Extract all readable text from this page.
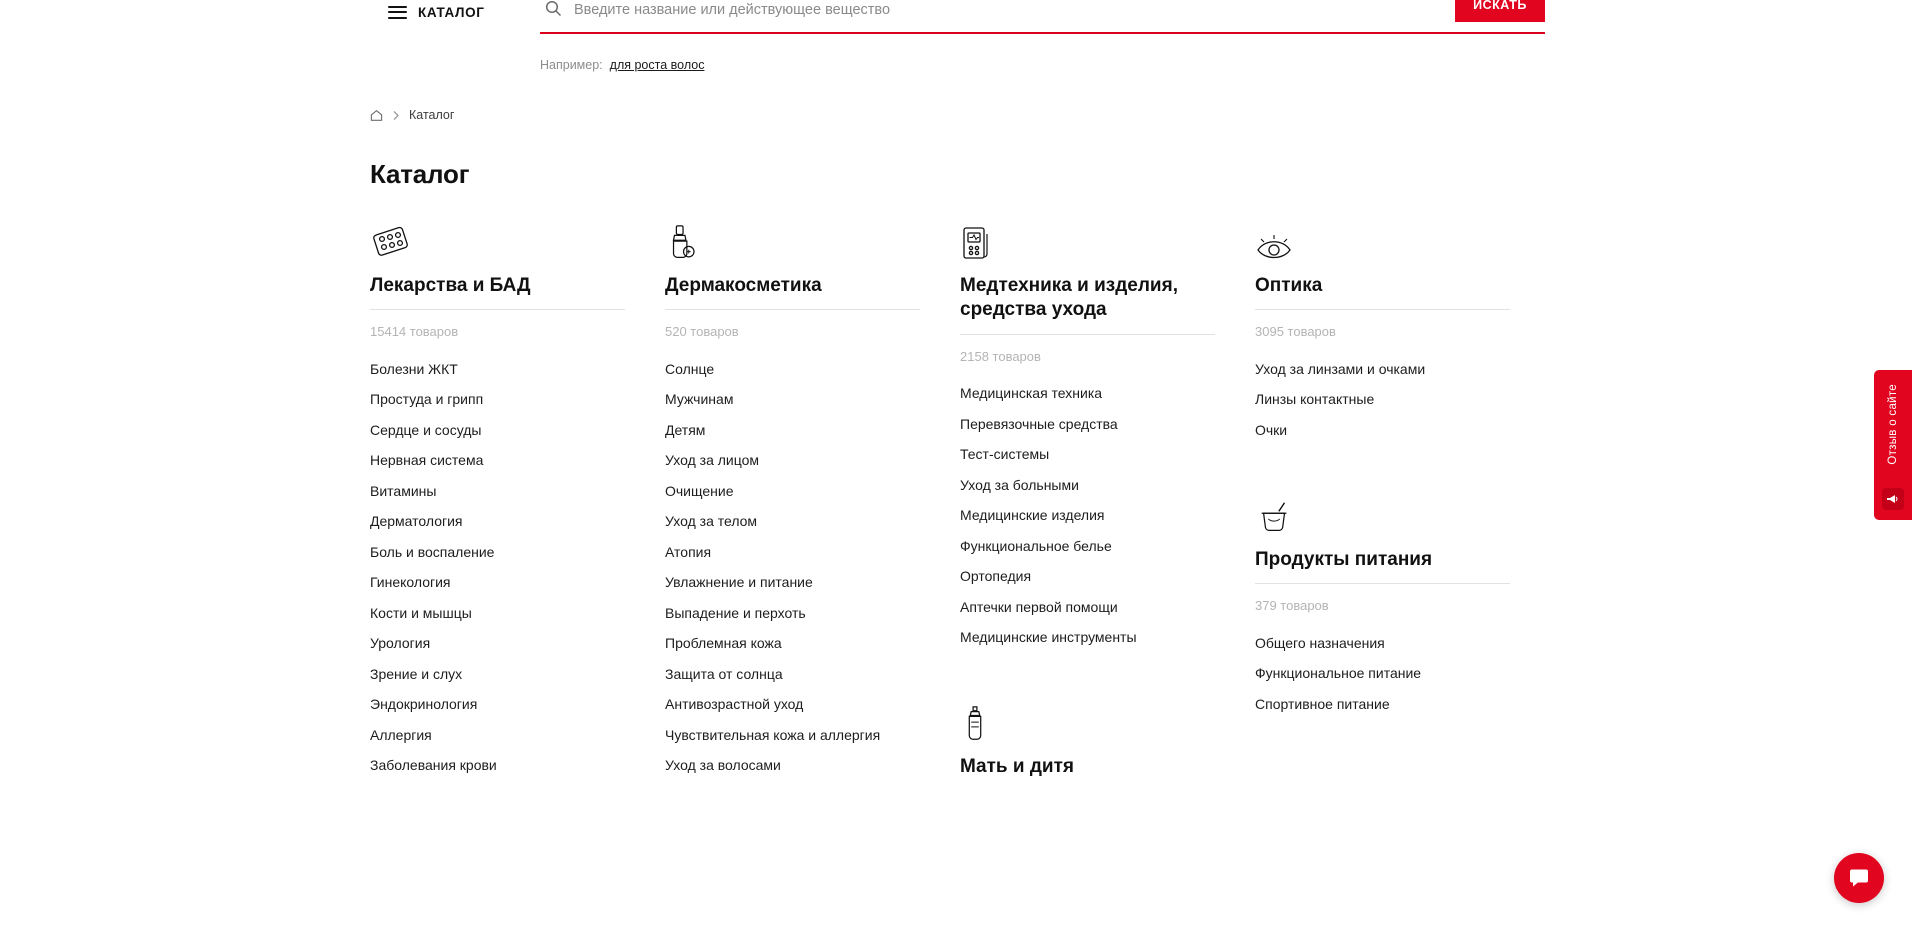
КАТАЛОГ
Введите название или действующее вещество	ИСКАТЬ
Например: для роста волос
Каталог
Каталог
Лекарства и БАД
15414 товаров
Болезни ЖКТ
Простуда и грипп
Сердце и сосуды
Нервная система
Витамины
Дерматология
Боль и воспаление
Гинекология
Кости и мышцы
Урология
Зрение и слух
Эндокринология
Аллергия
Заболевания крови
Дермакосметика
520 товаров
Солнце
Мужчинам
Детям
Уход за лицом
Очищение
Уход за телом
Атопия
Увлажнение и питание
Выпадение и перхоть
Проблемная кожа
Защита от солнца
Антивозрастной уход
Чувствительная кожа и аллергия
Уход за волосами
Медтехника и изделия, средства ухода
2158 товаров
Медицинская техника
Перевязочные средства
Тест-системы
Уход за больными
Медицинские изделия
Функциональное белье
Ортопедия
Аптечки первой помощи
Медицинские инструменты
Мать и дитя
Оптика
3095 товаров
Уход за линзами и очками
Линзы контактные
Очки
Продукты питания
379 товаров
Общего назначения
Функциональное питание
Спортивное питание
Отзыв о сайте
